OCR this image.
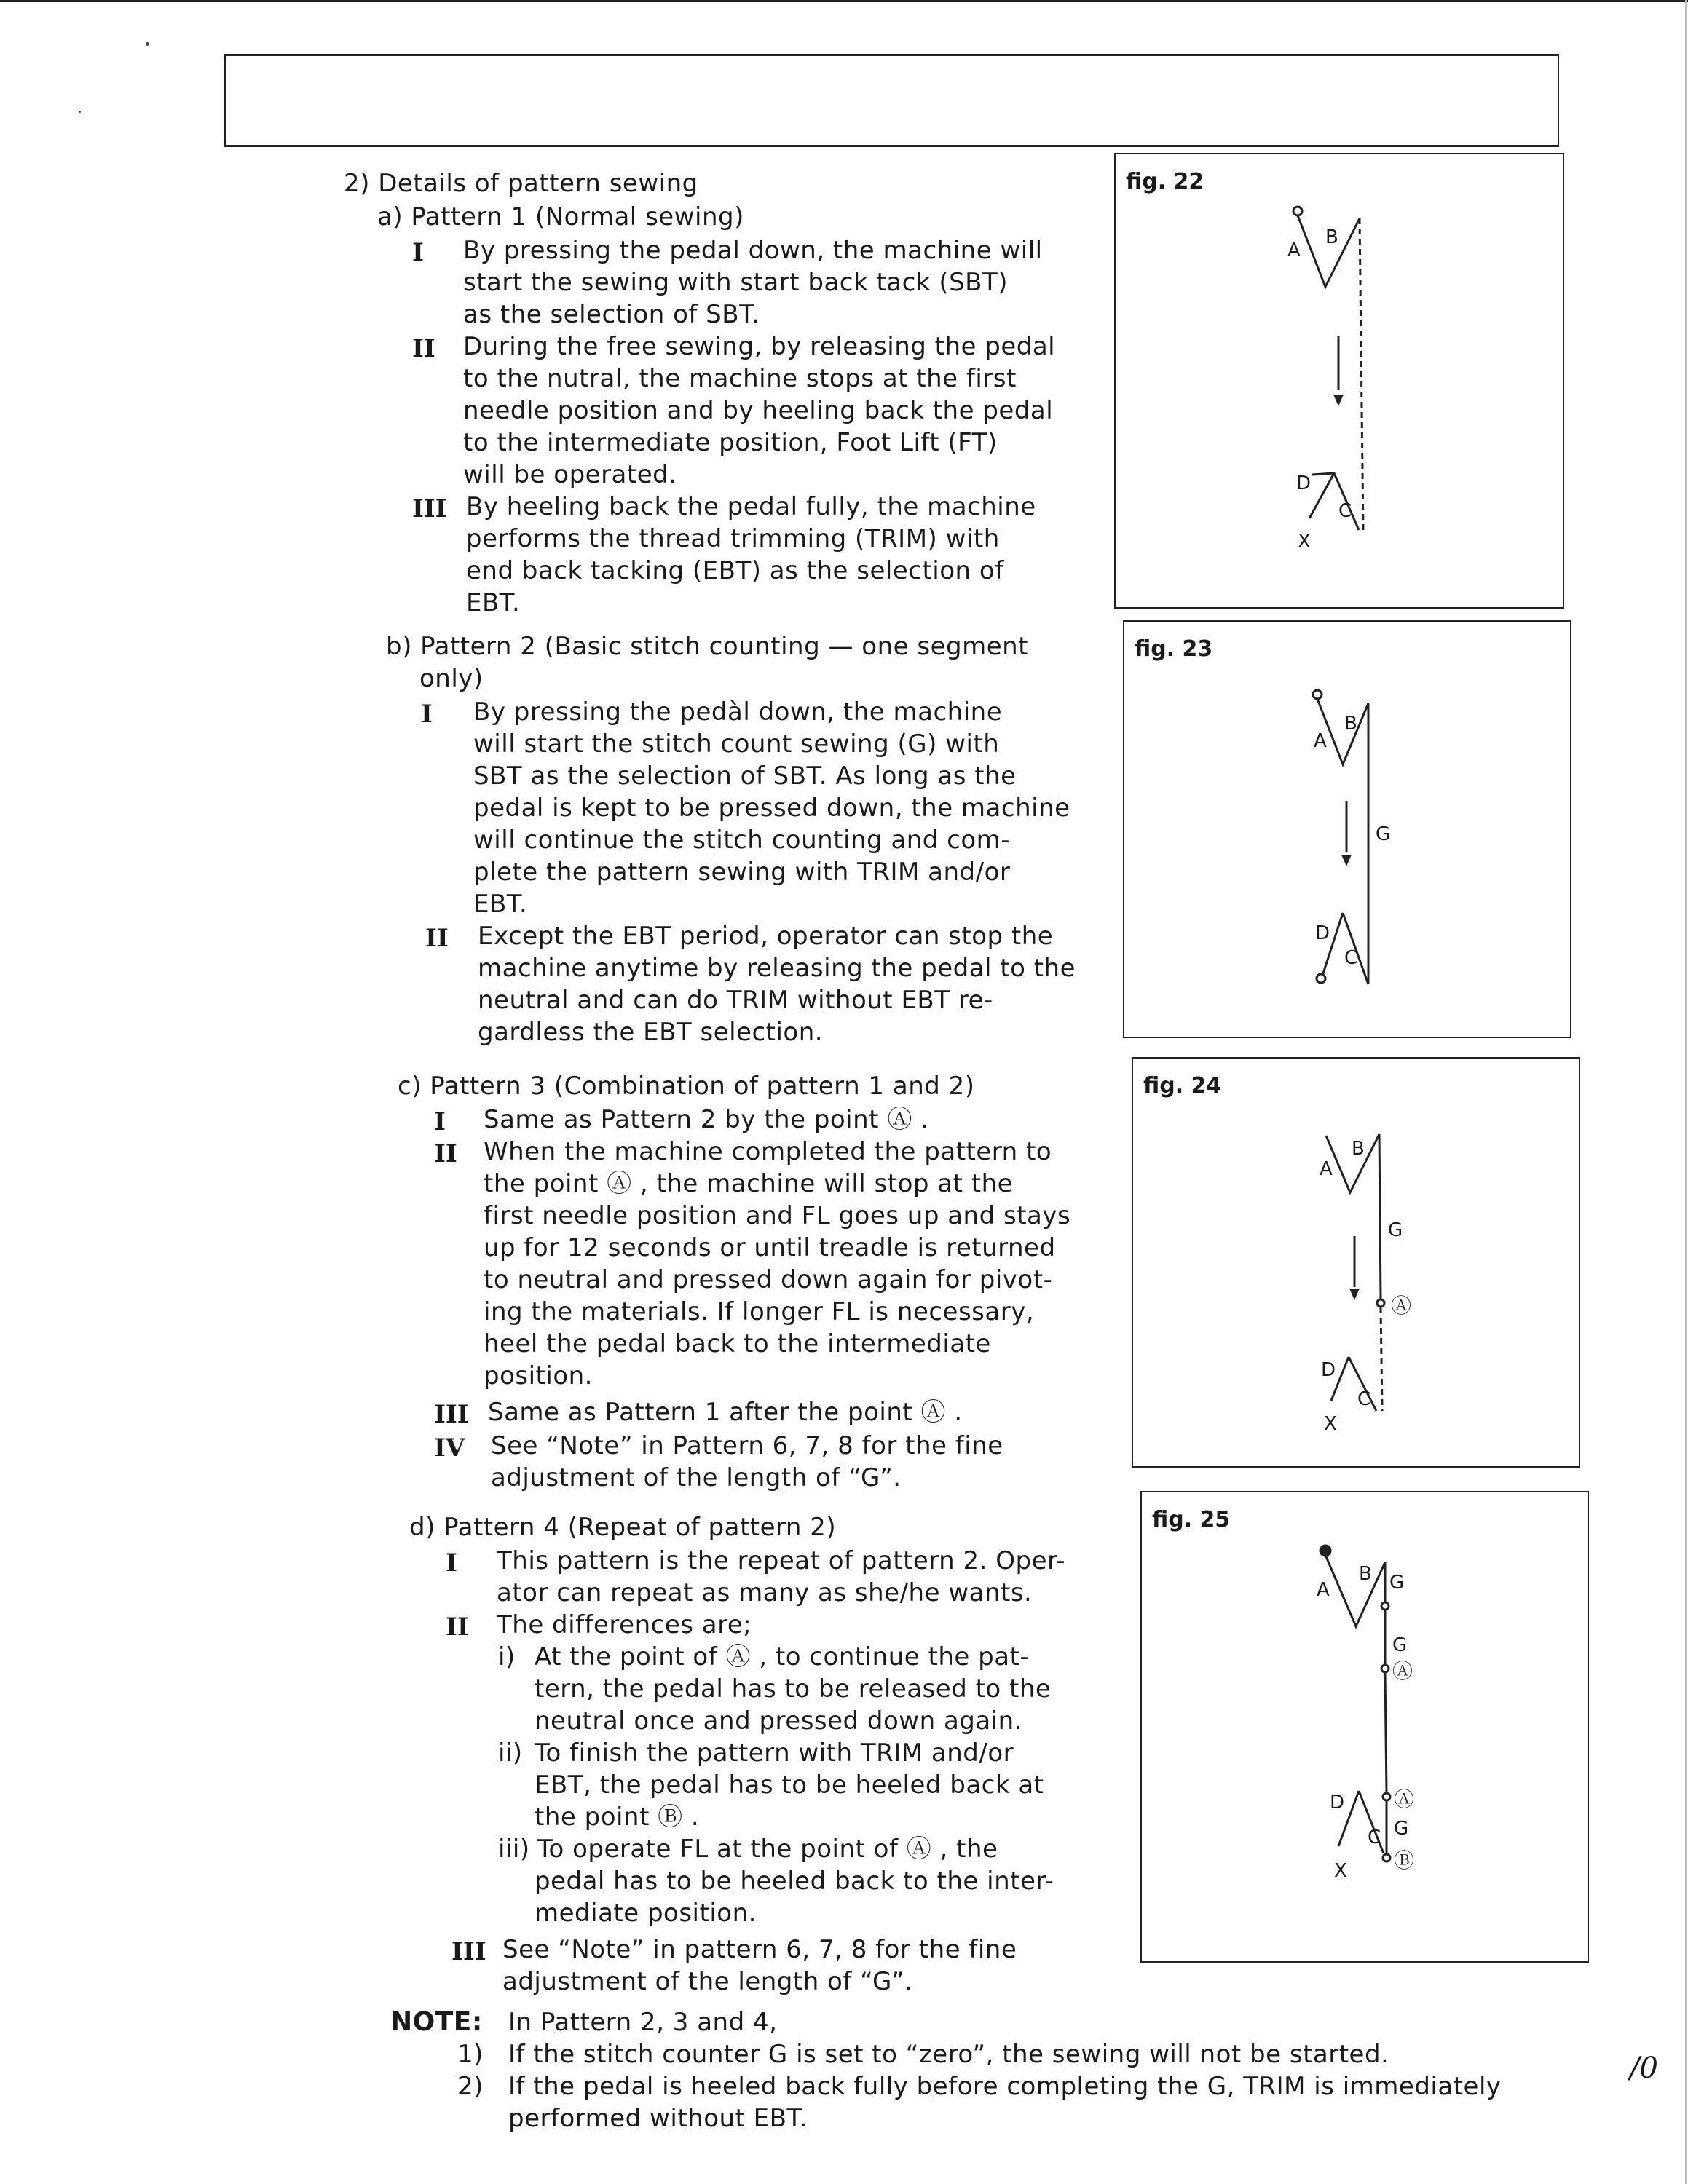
2) Details of pattern sewing
a) Pattern 1 (Normal sewing)
I By pressing the pedal down, the machine will
start the sewing with start back tack (SBT)
as the selection of SBT.
II During the free sewing, by releasing the pedal
to the nutral, the machine stops at the first
needle position and by heeling back the pedal
to the intermediate position, Foot Lift (FT)
will be operated.
III By heeling back the pedal fully, the machine
performs the thread trimming (TRIM) with
end back tacking (EBT) as the selection of
EBT.
b) Pattern 2 (Basic stitch counting — one segment
only)
I By pressing the pedàl down, the machine
will start the stitch count sewing (G) with
SBT as the selection of SBT. As long as the
pedal is kept to be pressed down, the machine
will continue the stitch counting and com-
plete the pattern sewing with TRIM and/or
EBT.
II Except the EBT period, operator can stop the
machine anytime by releasing the pedal to the
neutral and can do TRIM without EBT re-
gardless the EBT selection.
c) Pattern 3 (Combination of pattern 1 and 2)
I Same as Pattern 2 by the point Ⓐ .
II When the machine completed the pattern to
the point Ⓐ , the machine will stop at the
first needle position and FL goes up and stays
up for 12 seconds or until treadle is returned
to neutral and pressed down again for pivot-
ing the materials. If longer FL is necessary,
heel the pedal back to the intermediate
position.
III Same as Pattern 1 after the point Ⓐ .
IV See “Note” in Pattern 6, 7, 8 for the fine
adjustment of the length of “G”.
d) Pattern 4 (Repeat of pattern 2)
I This pattern is the repeat of pattern 2. Oper-
ator can repeat as many as she/he wants.
II The differences are;
i) At the point of Ⓐ , to continue the pat-
tern, the pedal has to be released to the
neutral once and pressed down again.
ii) To finish the pattern with TRIM and/or
EBT, the pedal has to be heeled back at
the point Ⓑ .
iii) To operate FL at the point of Ⓐ , the
pedal has to be heeled back to the inter-
mediate position.
III See “Note” in pattern 6, 7, 8 for the fine
adjustment of the length of “G”.
NOTE: In Pattern 2, 3 and 4,
1) If the stitch counter G is set to “zero”, the sewing will not be started.
2) If the pedal is heeled back fully before completing the G, TRIM is immediately
performed without EBT.
fig. 22
A
B
D
C
X
fig. 23
A
B
G
D
C
fig. 24
A
B
G
Ⓐ
D
C
X
fig. 25
A
B G
G
Ⓐ
D Ⓐ
G
C
X Ⓑ
/0
